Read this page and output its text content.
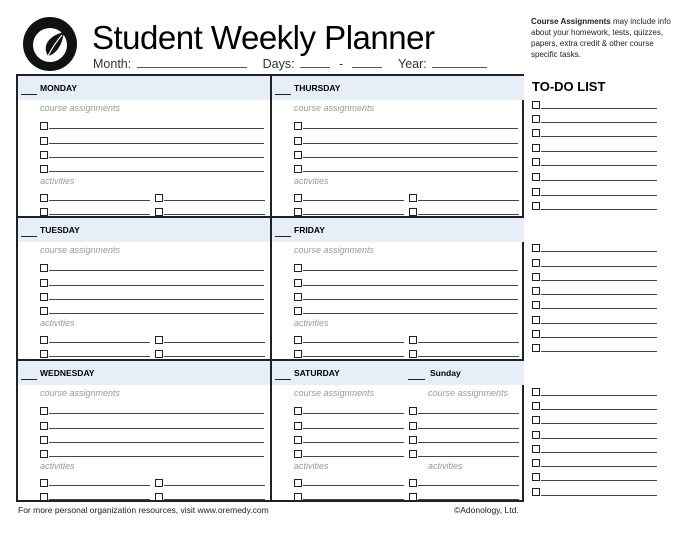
Student Weekly Planner
Month:	Days:	-	Year:
Course Assignments may include info about your homework, tests, quizzes, papers, extra credit & other course specific tasks.
MONDAY
course assignments
activities
THURSDAY
course assignments
activities
TUESDAY
course assignments
activities
FRIDAY
course assignments
activities
WEDNESDAY
course assignments
activities
SATURDAY	Sunday
course assignments
activities
course assignments
activities
TO-DO LIST
For more personal organization resources, visit www.oremedy.com	©Adonology, Ltd.
